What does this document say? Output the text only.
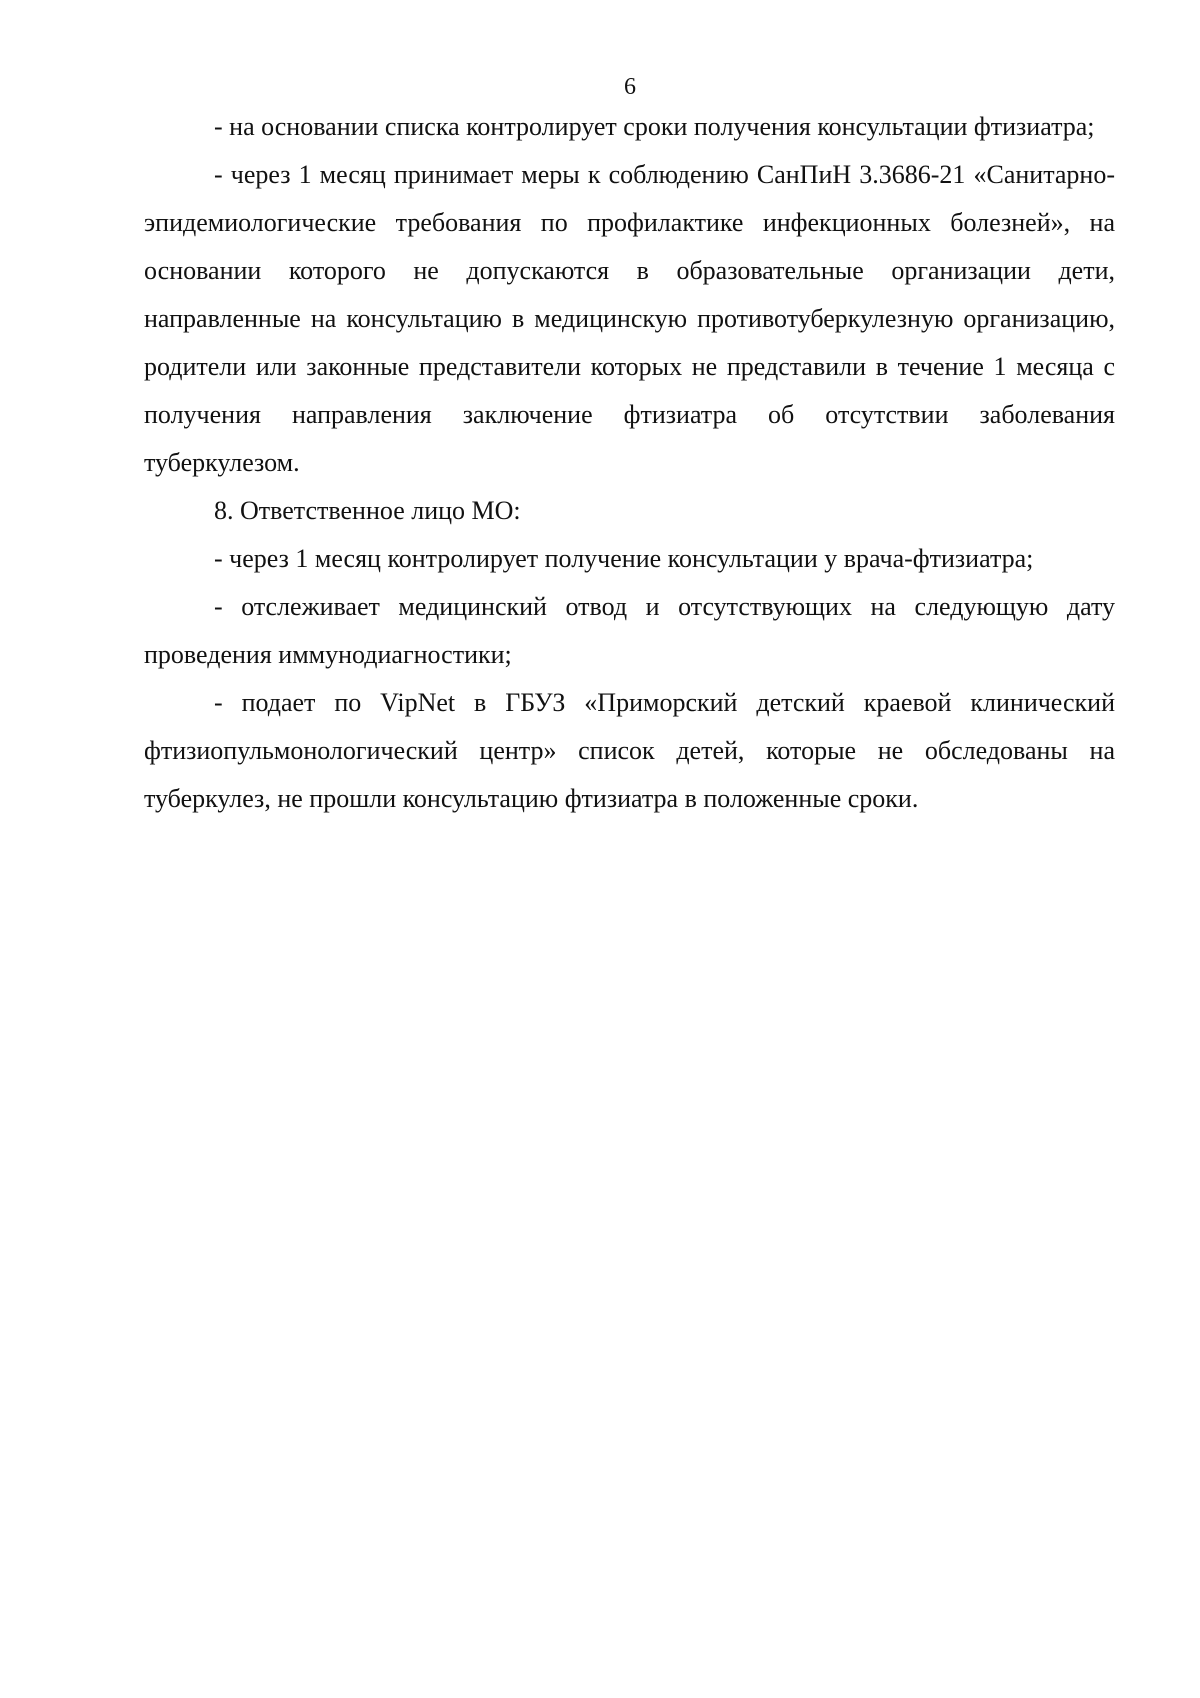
6

- на основании списка контролирует сроки получения консультации фтизиатра;

- через 1 месяц принимает меры к соблюдению СанПиН 3.3686-21 «Санитарно-эпидемиологические требования по профилактике инфекционных болезней», на основании которого не допускаются в образовательные организации дети, направленные на консультацию в медицинскую противотуберкулезную организацию, родители или законные представители которых не представили в течение 1 месяца с получения направления заключение фтизиатра об отсутствии заболевания туберкулезом.

8. Ответственное лицо МО:

- через 1 месяц контролирует получение консультации у врача-фтизиатра;

- отслеживает медицинский отвод и отсутствующих на следующую дату проведения иммунодиагностики;

- подает по VipNet в ГБУЗ «Приморский детский краевой клинический фтизиопульмонологический центр» список детей, которые не обследованы на туберкулез, не прошли консультацию фтизиатра в положенные сроки.
